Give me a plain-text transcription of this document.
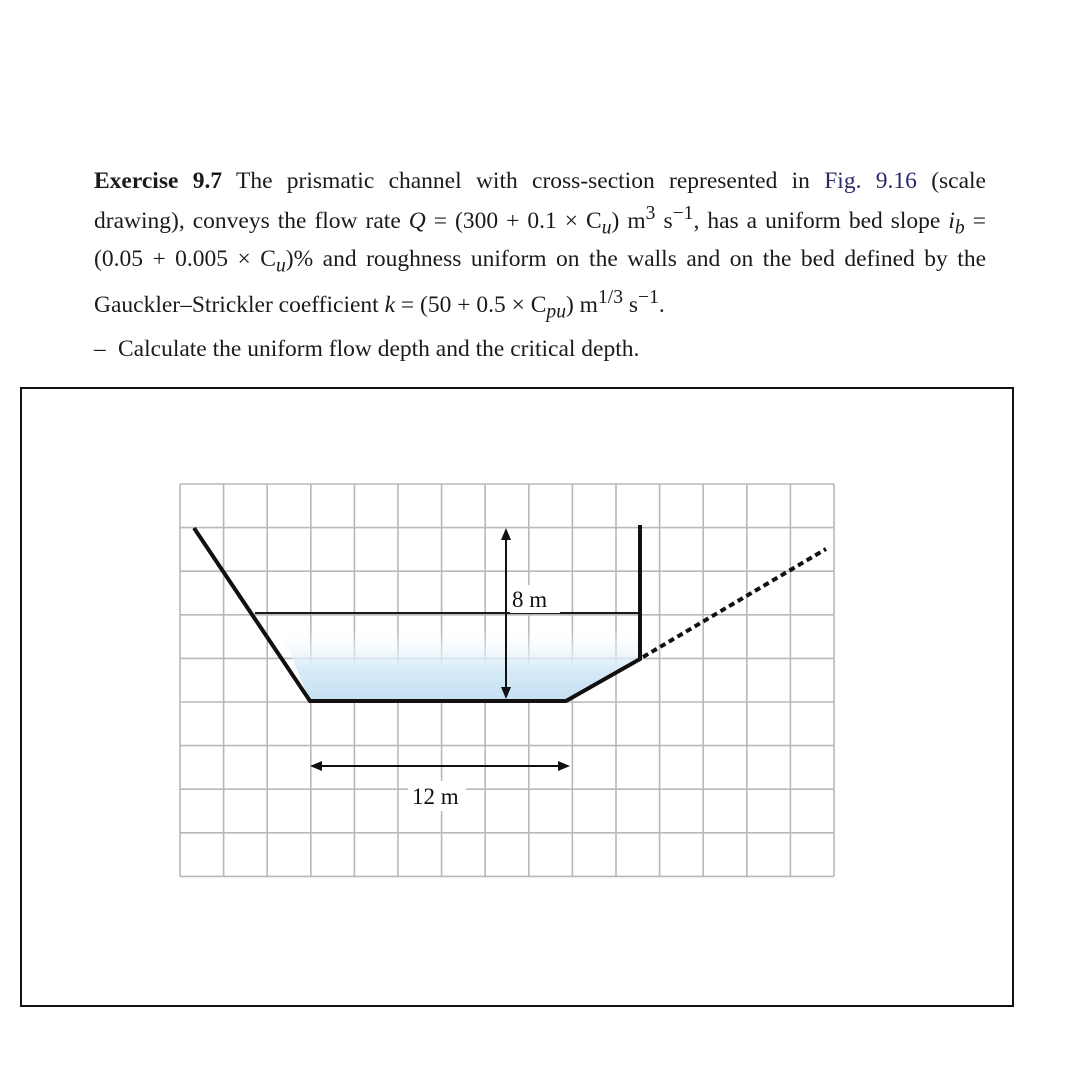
Exercise 9.7 The prismatic channel with cross-section represented in Fig. 9.16 (scale drawing), conveys the flow rate $Q = (300 + 0.1 \times C_u)$ $m^3$ $s^{-1}$, has a uniform bed slope $i_b = (0.05 + 0.005 \times C_u)\%$ and roughness uniform on the walls and on the bed defined by the Gauckler–Strickler coefficient $k = (50 + 0.5 \times C_{pu})$ $m^{1/3}$ $s^{-1}$.

– Calculate the uniform flow depth and the critical depth.

8 m
12 m
